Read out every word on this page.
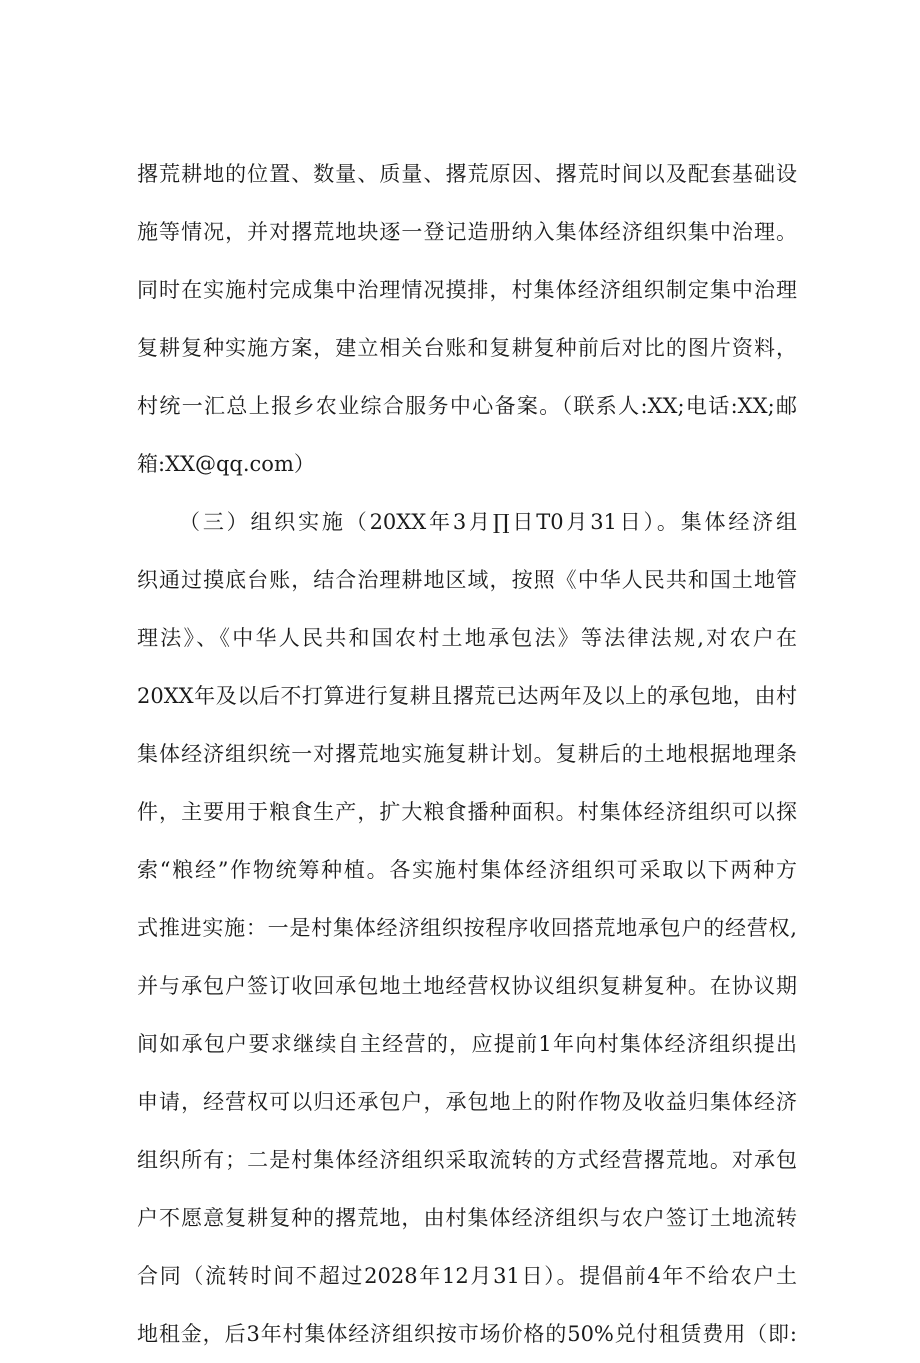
撂荒耕地的位置、数量、质量、撂荒原因、撂荒时间以及配套基础设
施等情况，并对撂荒地块逐一登记造册纳入集体经济组织集中治理。
同时在实施村完成集中治理情况摸排，村集体经济组织制定集中治理
复耕复种实施方案，建立相关台账和复耕复种前后对比的图片资料，
村统一汇总上报乡农业综合服务中心备案。（联系人:XX;电话:XX;邮
箱:XX@qq.com）
（三）组织实施（20XX年3月∏日T0月31日）。集体经济组
织通过摸底台账，结合治理耕地区域，按照《中华人民共和国土地管
理法》、《中华人民共和国农村土地承包法》等法律法规,对农户在
20XX年及以后不打算进行复耕且撂荒已达两年及以上的承包地，由村
集体经济组织统一对撂荒地实施复耕计划。复耕后的土地根据地理条
件，主要用于粮食生产，扩大粮食播种面积。村集体经济组织可以探
索“粮经”作物统筹种植。各实施村集体经济组织可采取以下两种方
式推进实施：一是村集体经济组织按程序收回搭荒地承包户的经营权,
并与承包户签订收回承包地土地经营权协议组织复耕复种。在协议期
间如承包户要求继续自主经营的，应提前1年向村集体经济组织提出
申请，经营权可以归还承包户，承包地上的附作物及收益归集体经济
组织所有；二是村集体经济组织采取流转的方式经营撂荒地。对承包
户不愿意复耕复种的撂荒地，由村集体经济组织与农户签订土地流转
合同（流转时间不超过2028年12月31日）。提倡前4年不给农户土
地租金，后3年村集体经济组织按市场价格的50%兑付租赁费用（即:
